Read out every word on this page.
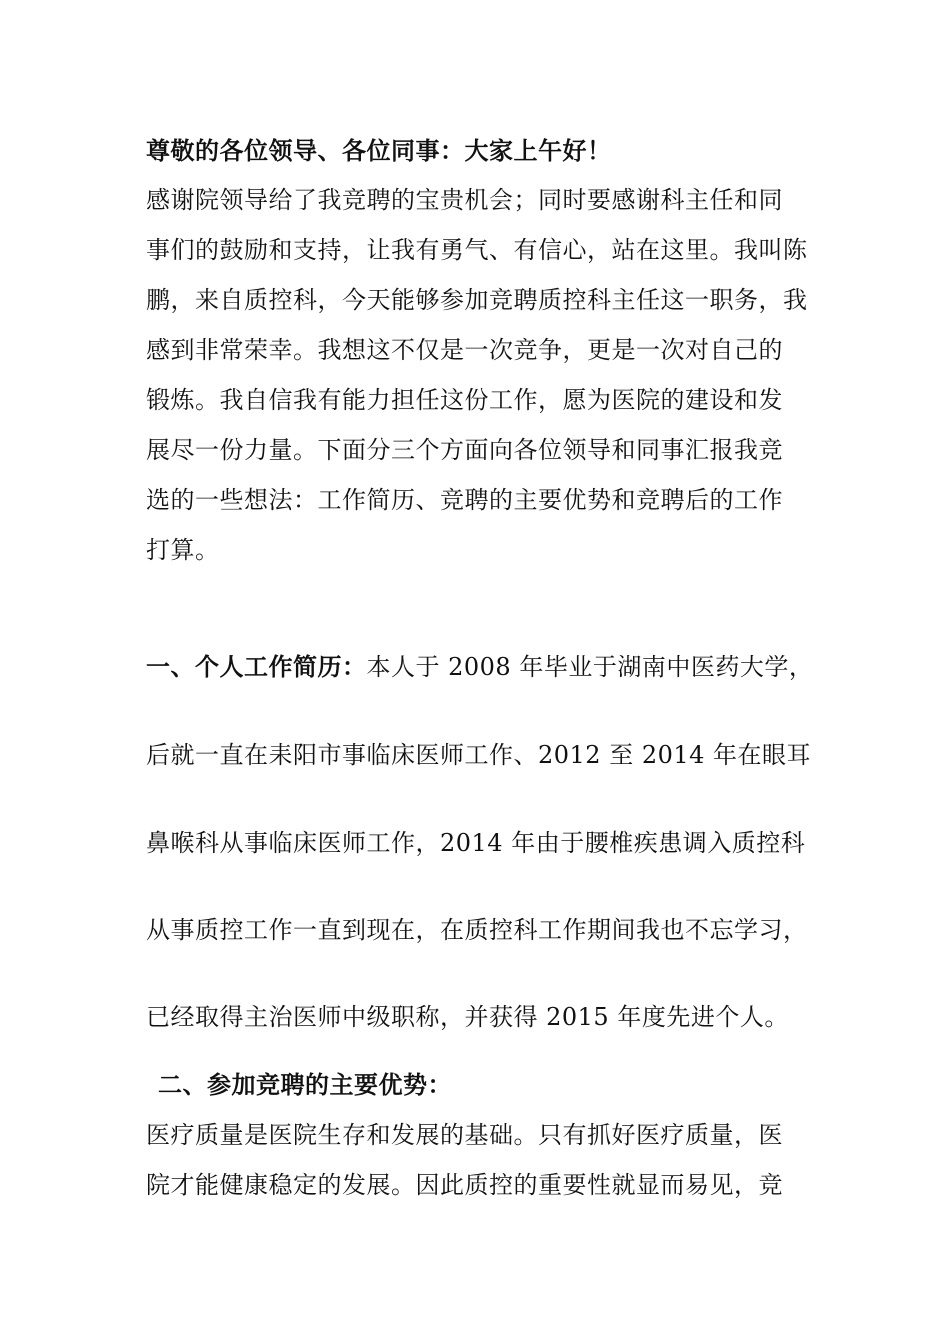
尊敬的各位领导、各位同事：大家上午好！
感谢院领导给了我竞聘的宝贵机会；同时要感谢科主任和同
事们的鼓励和支持，让我有勇气、有信心，站在这里。我叫陈
鹏，来自质控科，今天能够参加竞聘质控科主任这一职务，我
感到非常荣幸。我想这不仅是一次竞争，更是一次对自己的
锻炼。我自信我有能力担任这份工作，愿为医院的建设和发
展尽一份力量。下面分三个方面向各位领导和同事汇报我竞
选的一些想法：工作简历、竞聘的主要优势和竞聘后的工作
打算。
一、个人工作简历：本人于 2008 年毕业于湖南中医药大学，
后就一直在耒阳市事临床医师工作、2012 至 2014 年在眼耳
鼻喉科从事临床医师工作，2014 年由于腰椎疾患调入质控科
从事质控工作一直到现在，在质控科工作期间我也不忘学习，
已经取得主治医师中级职称，并获得 2015 年度先进个人。
二、参加竞聘的主要优势：
医疗质量是医院生存和发展的基础。只有抓好医疗质量，医
院才能健康稳定的发展。因此质控的重要性就显而易见，竞
